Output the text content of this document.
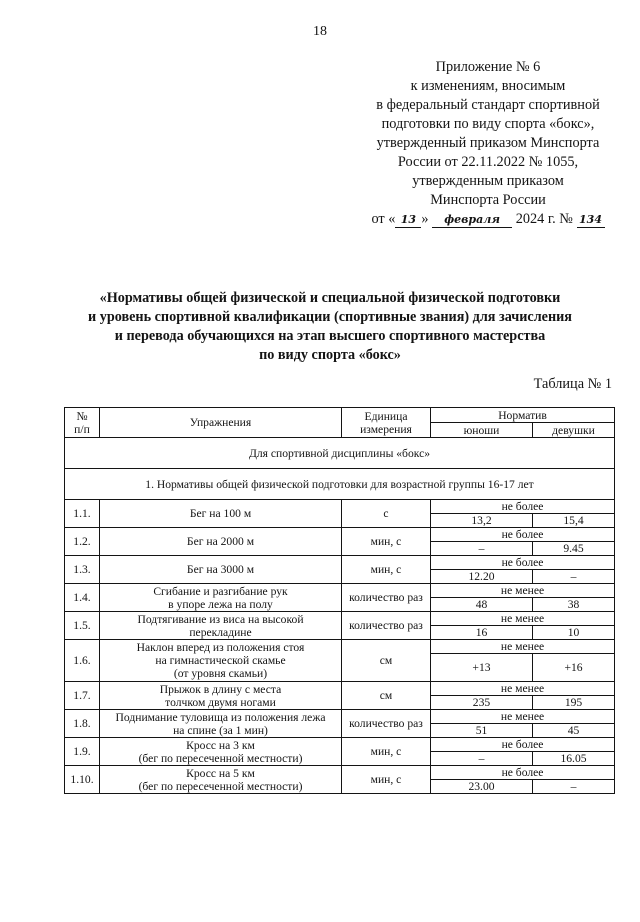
18
Приложение № 6
к изменениям, вносимым
в федеральный стандарт спортивной
подготовки по виду спорта «бокс»,
утвержденный приказом Минспорта
России от 22.11.2022 № 1055,
утвержденным приказом
Минспорта России
от « 13 » февраля 2024 г. № 134
«Нормативы общей физической и специальной физической подготовки
и уровень спортивной квалификации (спортивные звания) для зачисления
и перевода обучающихся на этап высшего спортивного мастерства
по виду спорта «бокс»
Таблица № 1
№
п/п	Упражнения	Единица
измерения	Норматив	
			юноши	девушки
Для спортивной дисциплины «бокс»				
1. Нормативы общей физической подготовки для возрастной группы 16-17 лет				
1.1.	Бег на 100 м	с	не более	
			13,2	15,4
1.2.	Бег на 2000 м	мин, с	не более	
			–	9.45
1.3.	Бег на 3000 м	мин, с	не более	
			12.20	–
1.4.	Сгибание и разгибание рук
в упоре лежа на полу	количество раз	не менее	
			48	38
1.5.	Подтягивание из виса на высокой
перекладине	количество раз	не менее	
			16	10
1.6.	Наклон вперед из положения стоя
на гимнастической скамье
(от уровня скамьи)	см	не менее	
			+13	+16
1.7.	Прыжок в длину с места
толчком двумя ногами	см	не менее	
			235	195
1.8.	Поднимание туловища из положения лежа
на спине (за 1 мин)	количество раз	не менее	
			51	45
1.9.	Кросс на 3 км
(бег по пересеченной местности)	мин, с	не более	
			–	16.05
1.10.	Кросс на 5 км
(бег по пересеченной местности)	мин, с	не более	
			23.00	–
